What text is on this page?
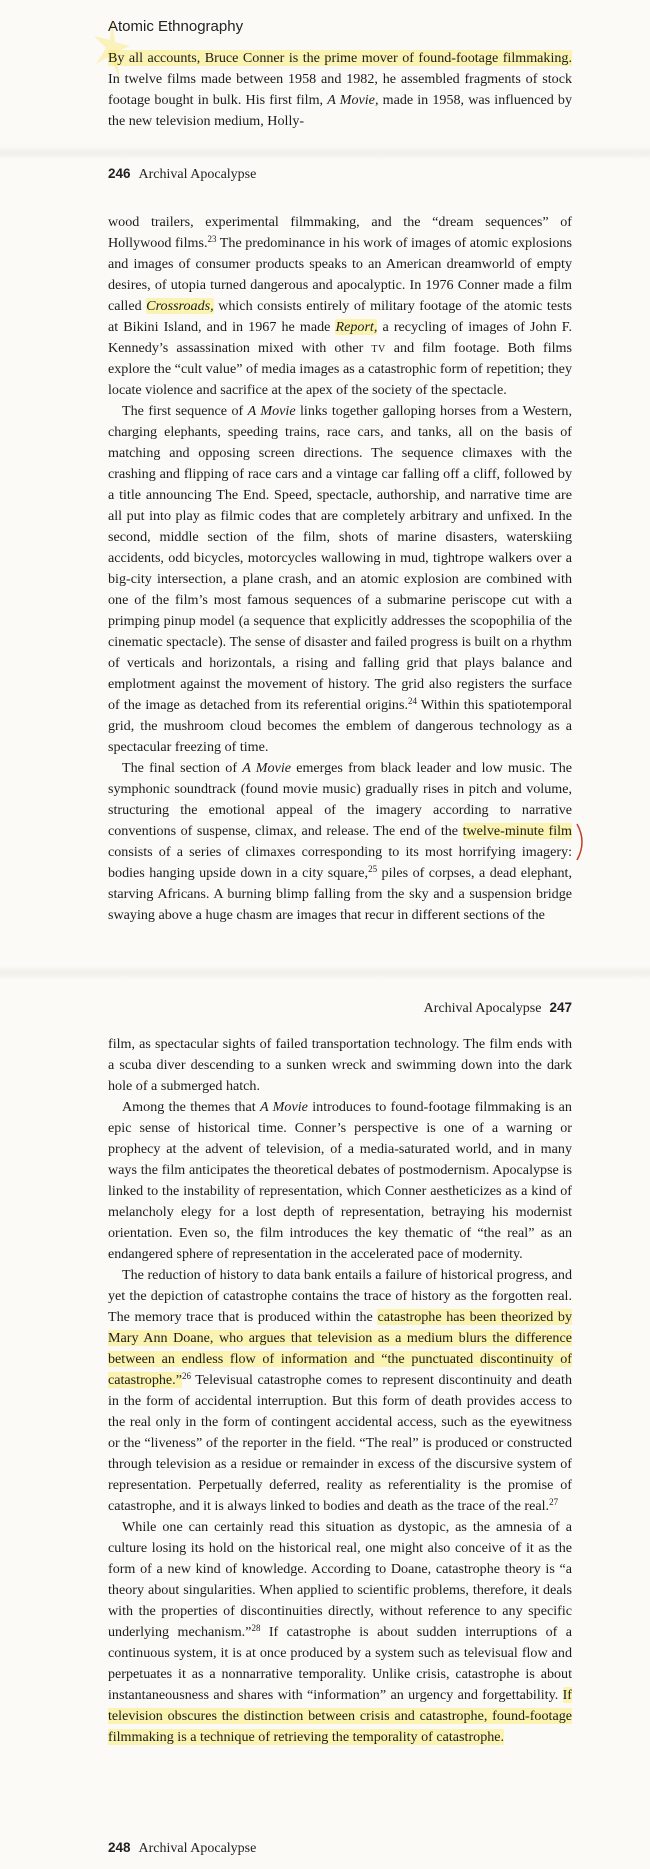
Atomic Ethnography

By all accounts, Bruce Conner is the prime mover of found-footage filmmaking. In twelve films made between 1958 and 1982, he assembled fragments of stock footage bought in bulk. His first film, A Movie, made in 1958, was influenced by the new television medium, Holly-

246 Archival Apocalypse

wood trailers, experimental filmmaking, and the “dream sequences” of Hollywood films.$^{23}$ The predominance in his work of images of atomic explosions and images of consumer products speaks to an American dreamworld of empty desires, of utopia turned dangerous and apocalyptic. In 1976 Conner made a film called Crossroads, which consists entirely of military footage of the atomic tests at Bikini Island, and in 1967 he made Report, a recycling of images of John F. Kennedy’s assassination mixed with other tv and film footage. Both films explore the “cult value” of media images as a catastrophic form of repetition; they locate violence and sacrifice at the apex of the society of the spectacle.

The first sequence of A Movie links together galloping horses from a Western, charging elephants, speeding trains, race cars, and tanks, all on the basis of matching and opposing screen directions. The sequence climaxes with the crashing and flipping of race cars and a vintage car falling off a cliff, followed by a title announcing The End. Speed, spectacle, authorship, and narrative time are all put into play as filmic codes that are completely arbitrary and unfixed. In the second, middle section of the film, shots of marine disasters, waterskiing accidents, odd bicycles, motorcycles wallowing in mud, tightrope walkers over a big-city intersection, a plane crash, and an atomic explosion are combined with one of the film’s most famous sequences of a submarine periscope cut with a primping pinup model (a sequence that explicitly addresses the scopophilia of the cinematic spectacle). The sense of disaster and failed progress is built on a rhythm of verticals and horizontals, a rising and falling grid that plays balance and emplotment against the movement of history. The grid also registers the surface of the image as detached from its referential origins.$^{24}$ Within this spatiotemporal grid, the mushroom cloud becomes the emblem of dangerous technology as a spectacular freezing of time.

The final section of A Movie emerges from black leader and low music. The symphonic soundtrack (found movie music) gradually rises in pitch and volume, structuring the emotional appeal of the imagery according to narrative conventions of suspense, climax, and release. The end of the twelve-minute film consists of a series of climaxes corresponding to its most horrifying imagery: bodies hanging upside down in a city square,$^{25}$ piles of corpses, a dead elephant, starving Africans. A burning blimp falling from the sky and a suspension bridge swaying above a huge chasm are images that recur in different sections of the

Archival Apocalypse 247

film, as spectacular sights of failed transportation technology. The film ends with a scuba diver descending to a sunken wreck and swimming down into the dark hole of a submerged hatch.

Among the themes that A Movie introduces to found-footage filmmaking is an epic sense of historical time. Conner’s perspective is one of a warning or prophecy at the advent of television, of a media-saturated world, and in many ways the film anticipates the theoretical debates of postmodernism. Apocalypse is linked to the instability of representation, which Conner aestheticizes as a kind of melancholy elegy for a lost depth of representation, betraying his modernist orientation. Even so, the film introduces the key thematic of “the real” as an endangered sphere of representation in the accelerated pace of modernity.

The reduction of history to data bank entails a failure of historical progress, and yet the depiction of catastrophe contains the trace of history as the forgotten real. The memory trace that is produced within the catastrophe has been theorized by Mary Ann Doane, who argues that television as a medium blurs the difference between an endless flow of information and “the punctuated discontinuity of catastrophe.”$^{26}$ Televisual catastrophe comes to represent discontinuity and death in the form of accidental interruption. But this form of death provides access to the real only in the form of contingent accidental access, such as the eyewitness or the “liveness” of the reporter in the field. “The real” is produced or constructed through television as a residue or remainder in excess of the discursive system of representation. Perpetually deferred, reality as referentiality is the promise of catastrophe, and it is always linked to bodies and death as the trace of the real.$^{27}$

While one can certainly read this situation as dystopic, as the amnesia of a culture losing its hold on the historical real, one might also conceive of it as the form of a new kind of knowledge. According to Doane, catastrophe theory is “a theory about singularities. When applied to scientific problems, therefore, it deals with the properties of discontinuities directly, without reference to any specific underlying mechanism.”$^{28}$ If catastrophe is about sudden interruptions of a continuous system, it is at once produced by a system such as televisual flow and perpetuates it as a nonnarrative temporality. Unlike crisis, catastrophe is about instantaneousness and shares with “information” an urgency and forgettability. If television obscures the distinction between crisis and catastrophe, found-footage filmmaking is a technique of retrieving the temporality of catastrophe.

248 Archival Apocalypse
